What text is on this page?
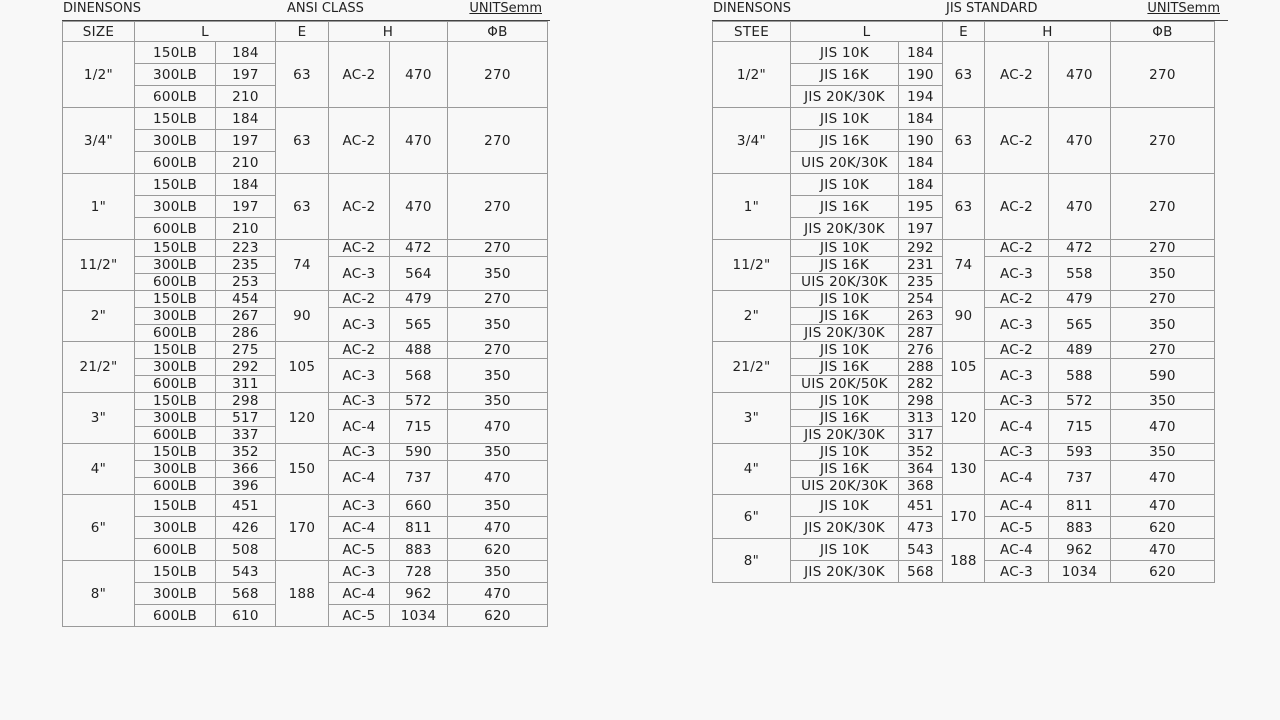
DINENSONS	ANSI CLASS	UNITSemm
SIZE	L		E	H		ΦB
1/2"	150LB	184	63	AC-2	470	270
	300LB	197				
	600LB	210				
3/4"	150LB	184	63	AC-2	470	270
	300LB	197				
	600LB	210				
1"	150LB	184	63	AC-2	470	270
	300LB	197				
	600LB	210				
11/2"	150LB	223	74	AC-2	472	270

	300LB	235				
				AC-3	564	350
	600LB	253				

2"	150LB	454	90	AC-2	479	270

	300LB	267				
				AC-3	565	350
	600LB	286				

21/2"	150LB	275	105	AC-2	488	270

	300LB	292				
				AC-3	568	350
	600LB	311				

3"	150LB	298	120	AC-3	572	350

	300LB	517				
				AC-4	715	470
	600LB	337				

4"	150LB	352	150	AC-3	590	350

	300LB	366				
				AC-4	737	470
	600LB	396				

6"	150LB	451	170	AC-3	660	350
	300LB	426		AC-4	811	470
	600LB	508		AC-5	883	620
8"	150LB	543	188	AC-3	728	350
	300LB	568		AC-4	962	470
	600LB	610		AC-5	1034	620
DINENSONS	JIS STANDARD	UNITSemm
STEE	L		E	H		ΦB
1/2"	JIS 10K	184	63	AC-2	470	270
	JIS 16K	190				
	JIS 20K/30K	194				
3/4"	JIS 10K	184	63	AC-2	470	270
	JIS 16K	190				
	UIS 20K/30K	184				
1"	JIS 10K	184	63	AC-2	470	270
	JIS 16K	195				
	JIS 20K/30K	197				
11/2"	JIS 10K	292	74	AC-2	472	270

	JIS 16K	231				
				AC-3	558	350
	UIS 20K/30K	235				

2"	JIS 10K	254	90	AC-2	479	270

	JIS 16K	263				
				AC-3	565	350
	JIS 20K/30K	287				

21/2"	JIS 10K	276	105	AC-2	489	270

	JIS 16K	288				
				AC-3	588	590
	UIS 20K/50K	282				

3"	JIS 10K	298	120	AC-3	572	350

	JIS 16K	313				
				AC-4	715	470
	JIS 20K/30K	317				

4"	JIS 10K	352	130	AC-3	593	350

	JIS 16K	364				
				AC-4	737	470
	UIS 20K/30K	368				

6"	JIS 10K	451	170	AC-4	811	470
	JIS 20K/30K	473		AC-5	883	620
8"	JIS 10K	543	188	AC-4	962	470
	JIS 20K/30K	568		AC-3	1034	620
